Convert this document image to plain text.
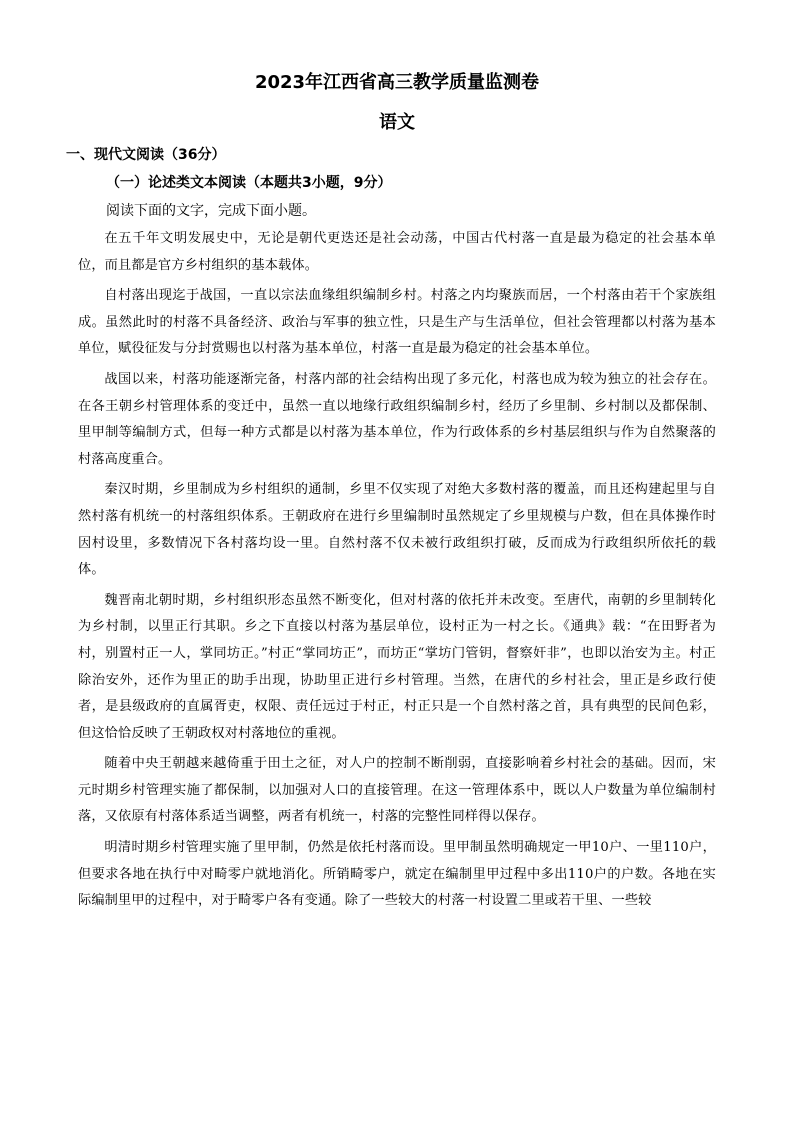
2023年江西省高三教学质量监测卷
语文
一、现代文阅读（36分）
（一）论述类文本阅读（本题共3小题，9分）
阅读下面的文字，完成下面小题。

在五千年文明发展史中，无论是朝代更迭还是社会动荡，中国古代村落一直是最为稳定的社会基本单位，而且都是官方乡村组织的基本载体。

自村落出现迄于战国，一直以宗法血缘组织编制乡村。村落之内均聚族而居，一个村落由若干个家族组成。虽然此时的村落不具备经济、政治与军事的独立性，只是生产与生活单位，但社会管理都以村落为基本单位，赋役征发与分封赏赐也以村落为基本单位，村落一直是最为稳定的社会基本单位。

战国以来，村落功能逐渐完备，村落内部的社会结构出现了多元化，村落也成为较为独立的社会存在。在各王朝乡村管理体系的变迁中，虽然一直以地缘行政组织编制乡村，经历了乡里制、乡村制以及都保制、里甲制等编制方式，但每一种方式都是以村落为基本单位，作为行政体系的乡村基层组织与作为自然聚落的村落高度重合。

秦汉时期，乡里制成为乡村组织的通制，乡里不仅实现了对绝大多数村落的覆盖，而且还构建起里与自然村落有机统一的村落组织体系。王朝政府在进行乡里编制时虽然规定了乡里规模与户数，但在具体操作时因村设里，多数情况下各村落均设一里。自然村落不仅未被行政组织打破，反而成为行政组织所依托的载体。

魏晋南北朝时期，乡村组织形态虽然不断变化，但对村落的依托并未改变。至唐代，南朝的乡里制转化为乡村制，以里正行其职。乡之下直接以村落为基层单位，设村正为一村之长。《通典》载：“在田野者为村，别置村正一人，掌同坊正。”村正“掌同坊正”，而坊正“掌坊门管钥，督察奸非”，也即以治安为主。村正除治安外，还作为里正的助手出现，协助里正进行乡村管理。当然，在唐代的乡村社会，里正是乡政行使者，是县级政府的直属胥吏，权限、责任远过于村正，村正只是一个自然村落之首，具有典型的民间色彩，但这恰恰反映了王朝政权对村落地位的重视。

随着中央王朝越来越倚重于田土之征，对人户的控制不断削弱，直接影响着乡村社会的基础。因而，宋元时期乡村管理实施了都保制，以加强对人口的直接管理。在这一管理体系中，既以人户数量为单位编制村落，又依原有村落体系适当调整，两者有机统一，村落的完整性同样得以保存。

明清时期乡村管理实施了里甲制，仍然是依托村落而设。里甲制虽然明确规定一甲10户、一里110户，但要求各地在执行中对畸零户就地消化。所销畸零户，就定在编制里甲过程中多出110户的户数。各地在实际编制里甲的过程中，对于畸零户各有变通。除了一些较大的村落一村设置二里或若干里、一些较
